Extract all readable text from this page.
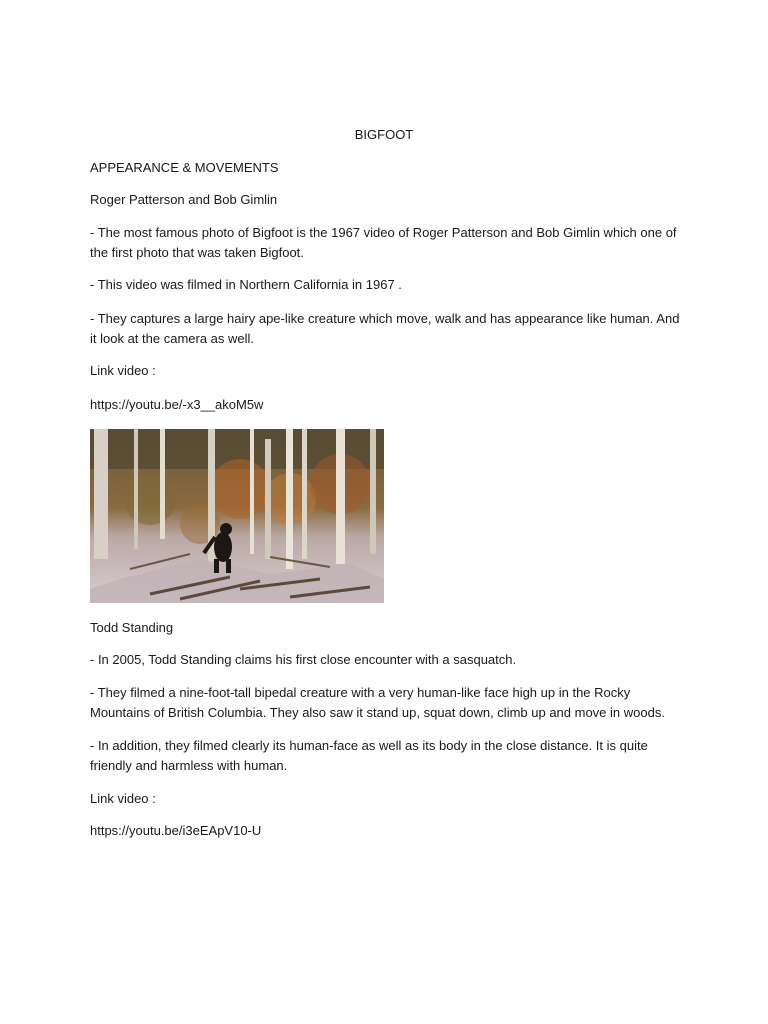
BIGFOOT

APPEARANCE & MOVEMENTS

Roger Patterson and Bob Gimlin

- The most famous photo of Bigfoot is the 1967 video of Roger Patterson and Bob Gimlin which one of the first photo that was taken Bigfoot.

- This video was filmed in Northern California in 1967 .

- They captures a large hairy ape-like creature which move, walk and has appearance like human. And it look at the camera as well.

Link video :

https://youtu.be/-x3__akoM5w

Todd Standing

- In 2005, Todd Standing claims his first close encounter with a sasquatch.

- They filmed a nine-foot-tall bipedal creature with a very human-like face high up in the Rocky Mountains of British Columbia. They also saw it stand up, squat down, climb up and move in woods.

- In addition, they filmed clearly its human-face as well as its body in the close distance. It is quite friendly and harmless with human.

Link video :

https://youtu.be/i3eEApV10-U
